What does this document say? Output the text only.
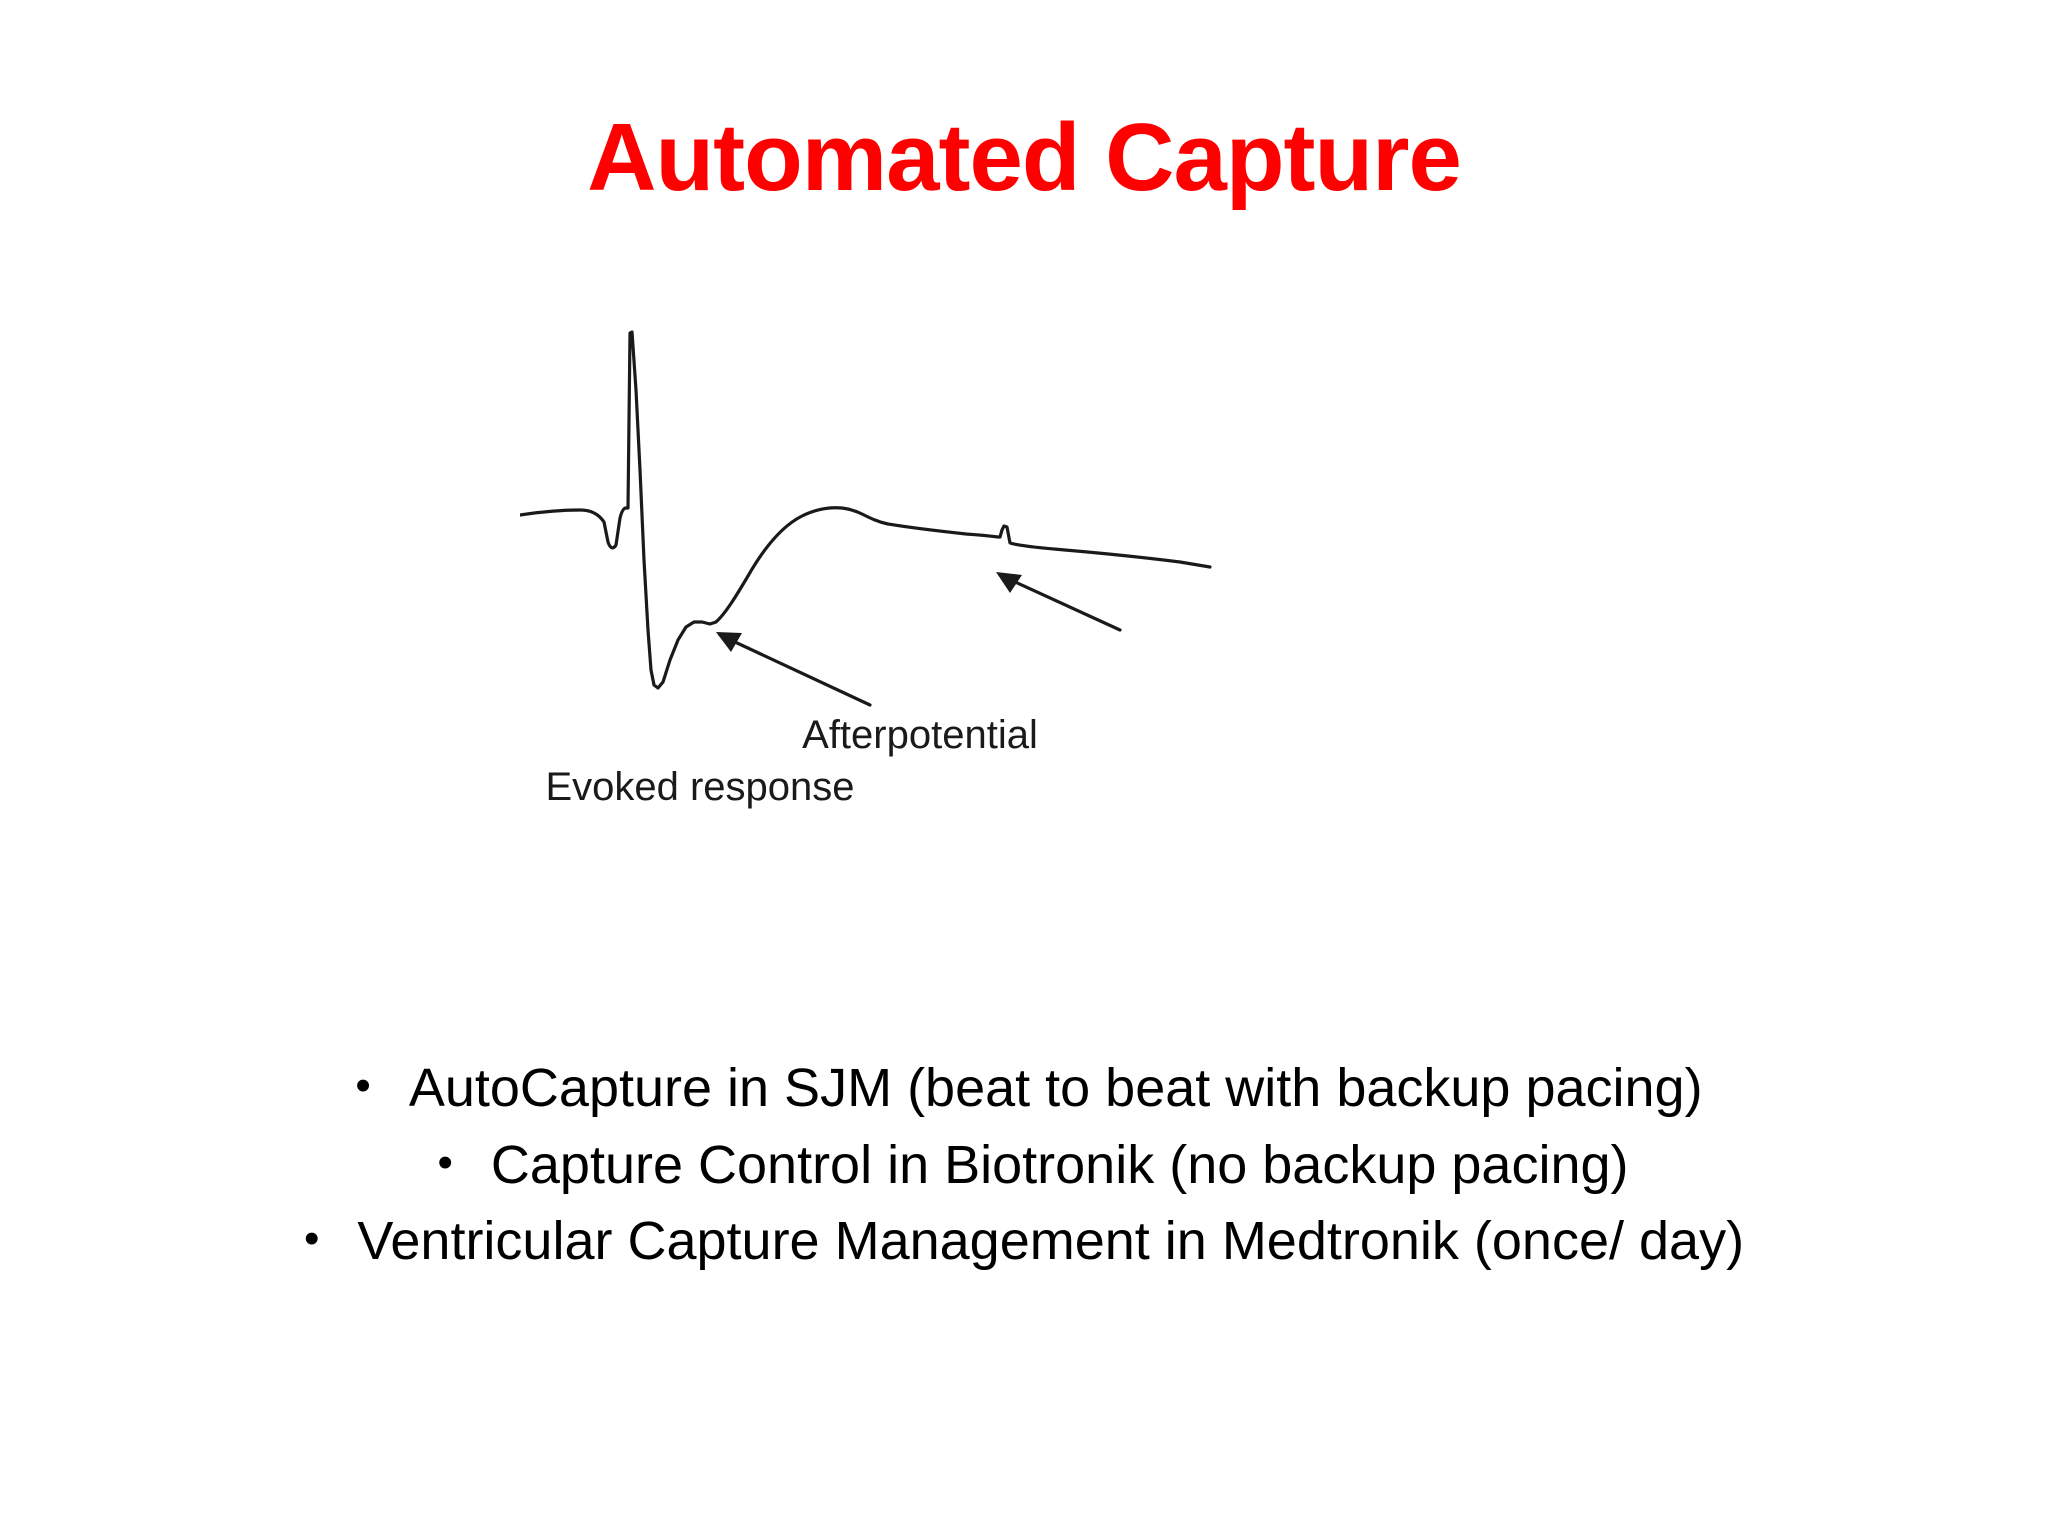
Automated Capture
Afterpotential
Evoked response
• AutoCapture in SJM (beat to beat with backup pacing)
• Capture Control in Biotronik (no backup pacing)
• Ventricular Capture Management in Medtronik (once/ day)
